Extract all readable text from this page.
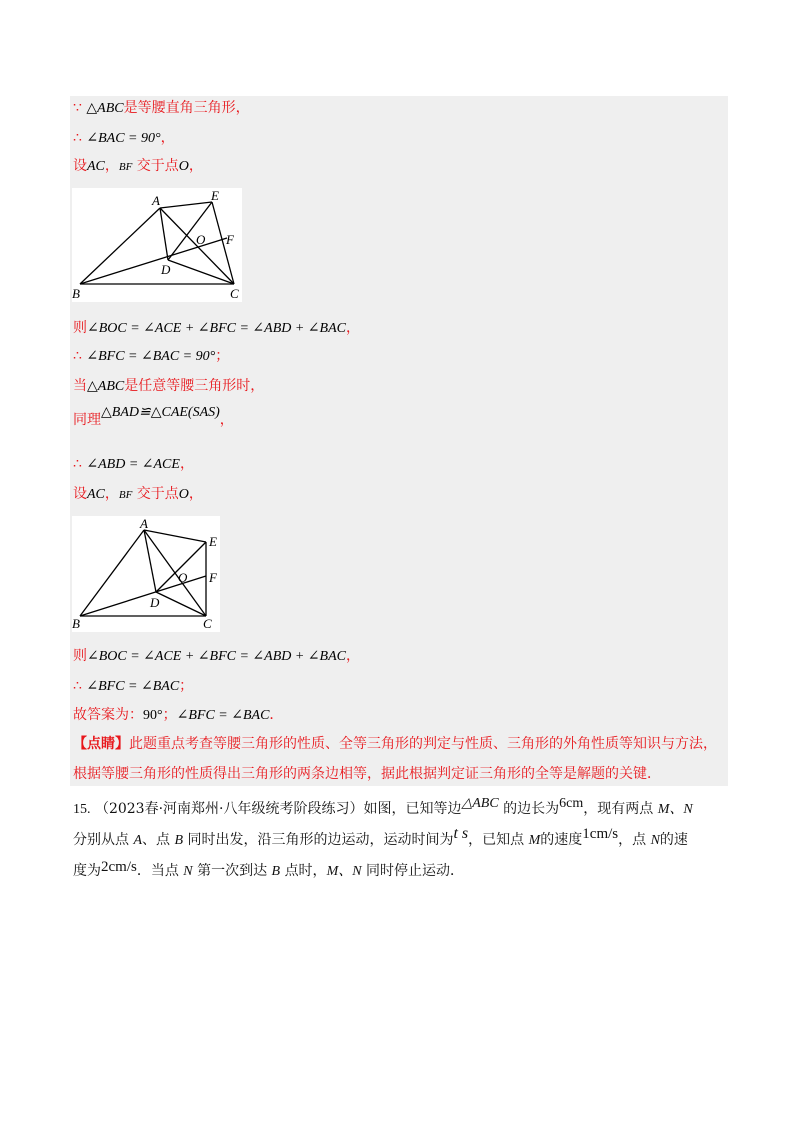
∵ △ABC是等腰直角三角形，
∴ ∠BAC = 90°，
设AC，BF 交于点O，
A	E
O F
D
B	C
则∠BOC = ∠ACE + ∠BFC = ∠ABD + ∠BAC，
∴ ∠BFC = ∠BAC = 90°；
当△ABC是任意等腰三角形时，
同理△BAD≌△CAE(SAS)，
∴ ∠ABD = ∠ACE，
设AC，BF 交于点O，
A
E
O F
D
B	C
则∠BOC = ∠ACE + ∠BFC = ∠ABD + ∠BAC，
∴ ∠BFC = ∠BAC；
故答案为：90°；∠BFC = ∠BAC．
【点睛】此题重点考查等腰三角形的性质、全等三角形的判定与性质、三角形的外角性质等知识与方法，
根据等腰三角形的性质得出三角形的两条边相等，据此根据判定证三角形的全等是解题的关键．
15. （2023春·河南郑州·八年级统考阶段练习）如图，已知等边△ABC 的边长为6cm，现有两点 M、N
分别从点 A、点 B 同时出发，沿三角形的边运动，运动时间为t s，已知点 M的速度1cm/s，点 N的速
度为2cm/s．当点 N 第一次到达 B 点时，M、N 同时停止运动．
